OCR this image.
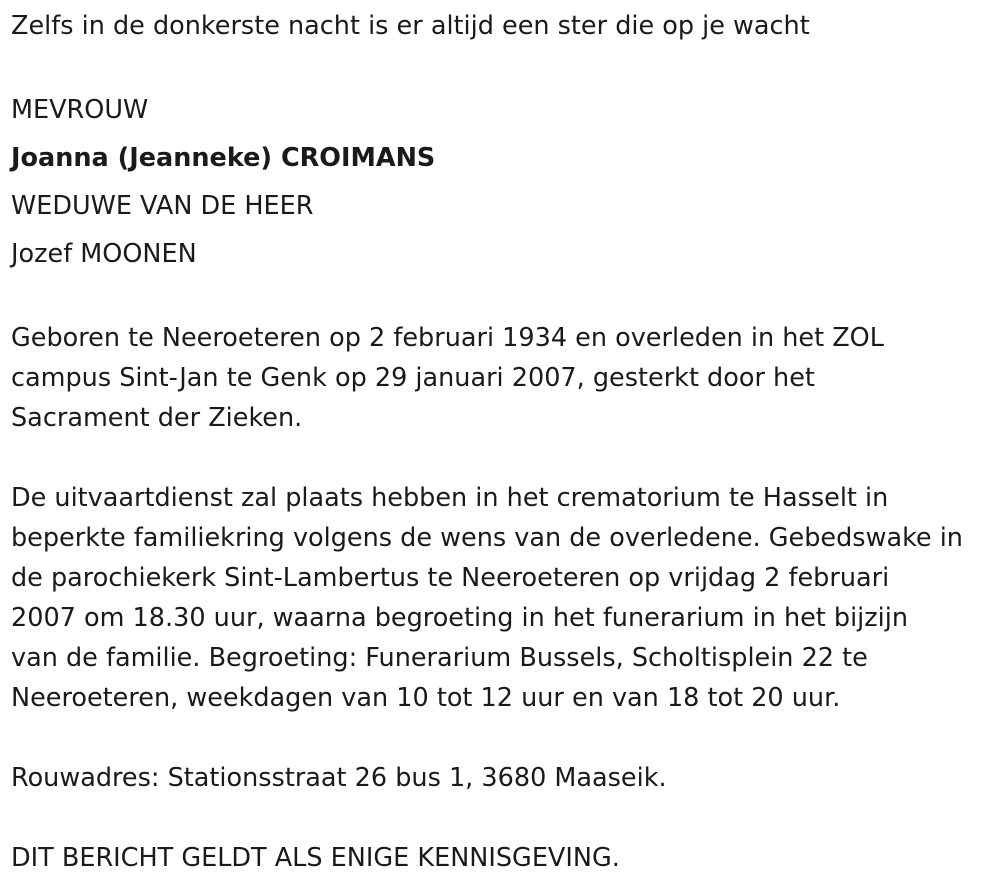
Zelfs in de donkerste nacht is er altijd een ster die op je wacht

MEVROUW

Joanna (Jeanneke) CROIMANS

WEDUWE VAN DE HEER

Jozef MOONEN

Geboren te Neeroeteren op 2 februari 1934 en overleden in het ZOL

campus Sint-Jan te Genk op 29 januari 2007, gesterkt door het

Sacrament der Zieken.

De uitvaartdienst zal plaats hebben in het crematorium te Hasselt in

beperkte familiekring volgens de wens van de overledene. Gebedswake in

de parochiekerk Sint-Lambertus te Neeroeteren op vrijdag 2 februari

2007 om 18.30 uur, waarna begroeting in het funerarium in het bijzijn

van de familie. Begroeting: Funerarium Bussels, Scholtisplein 22 te

Neeroeteren, weekdagen van 10 tot 12 uur en van 18 tot 20 uur.

Rouwadres: Stationsstraat 26 bus 1, 3680 Maaseik.

DIT BERICHT GELDT ALS ENIGE KENNISGEVING.
